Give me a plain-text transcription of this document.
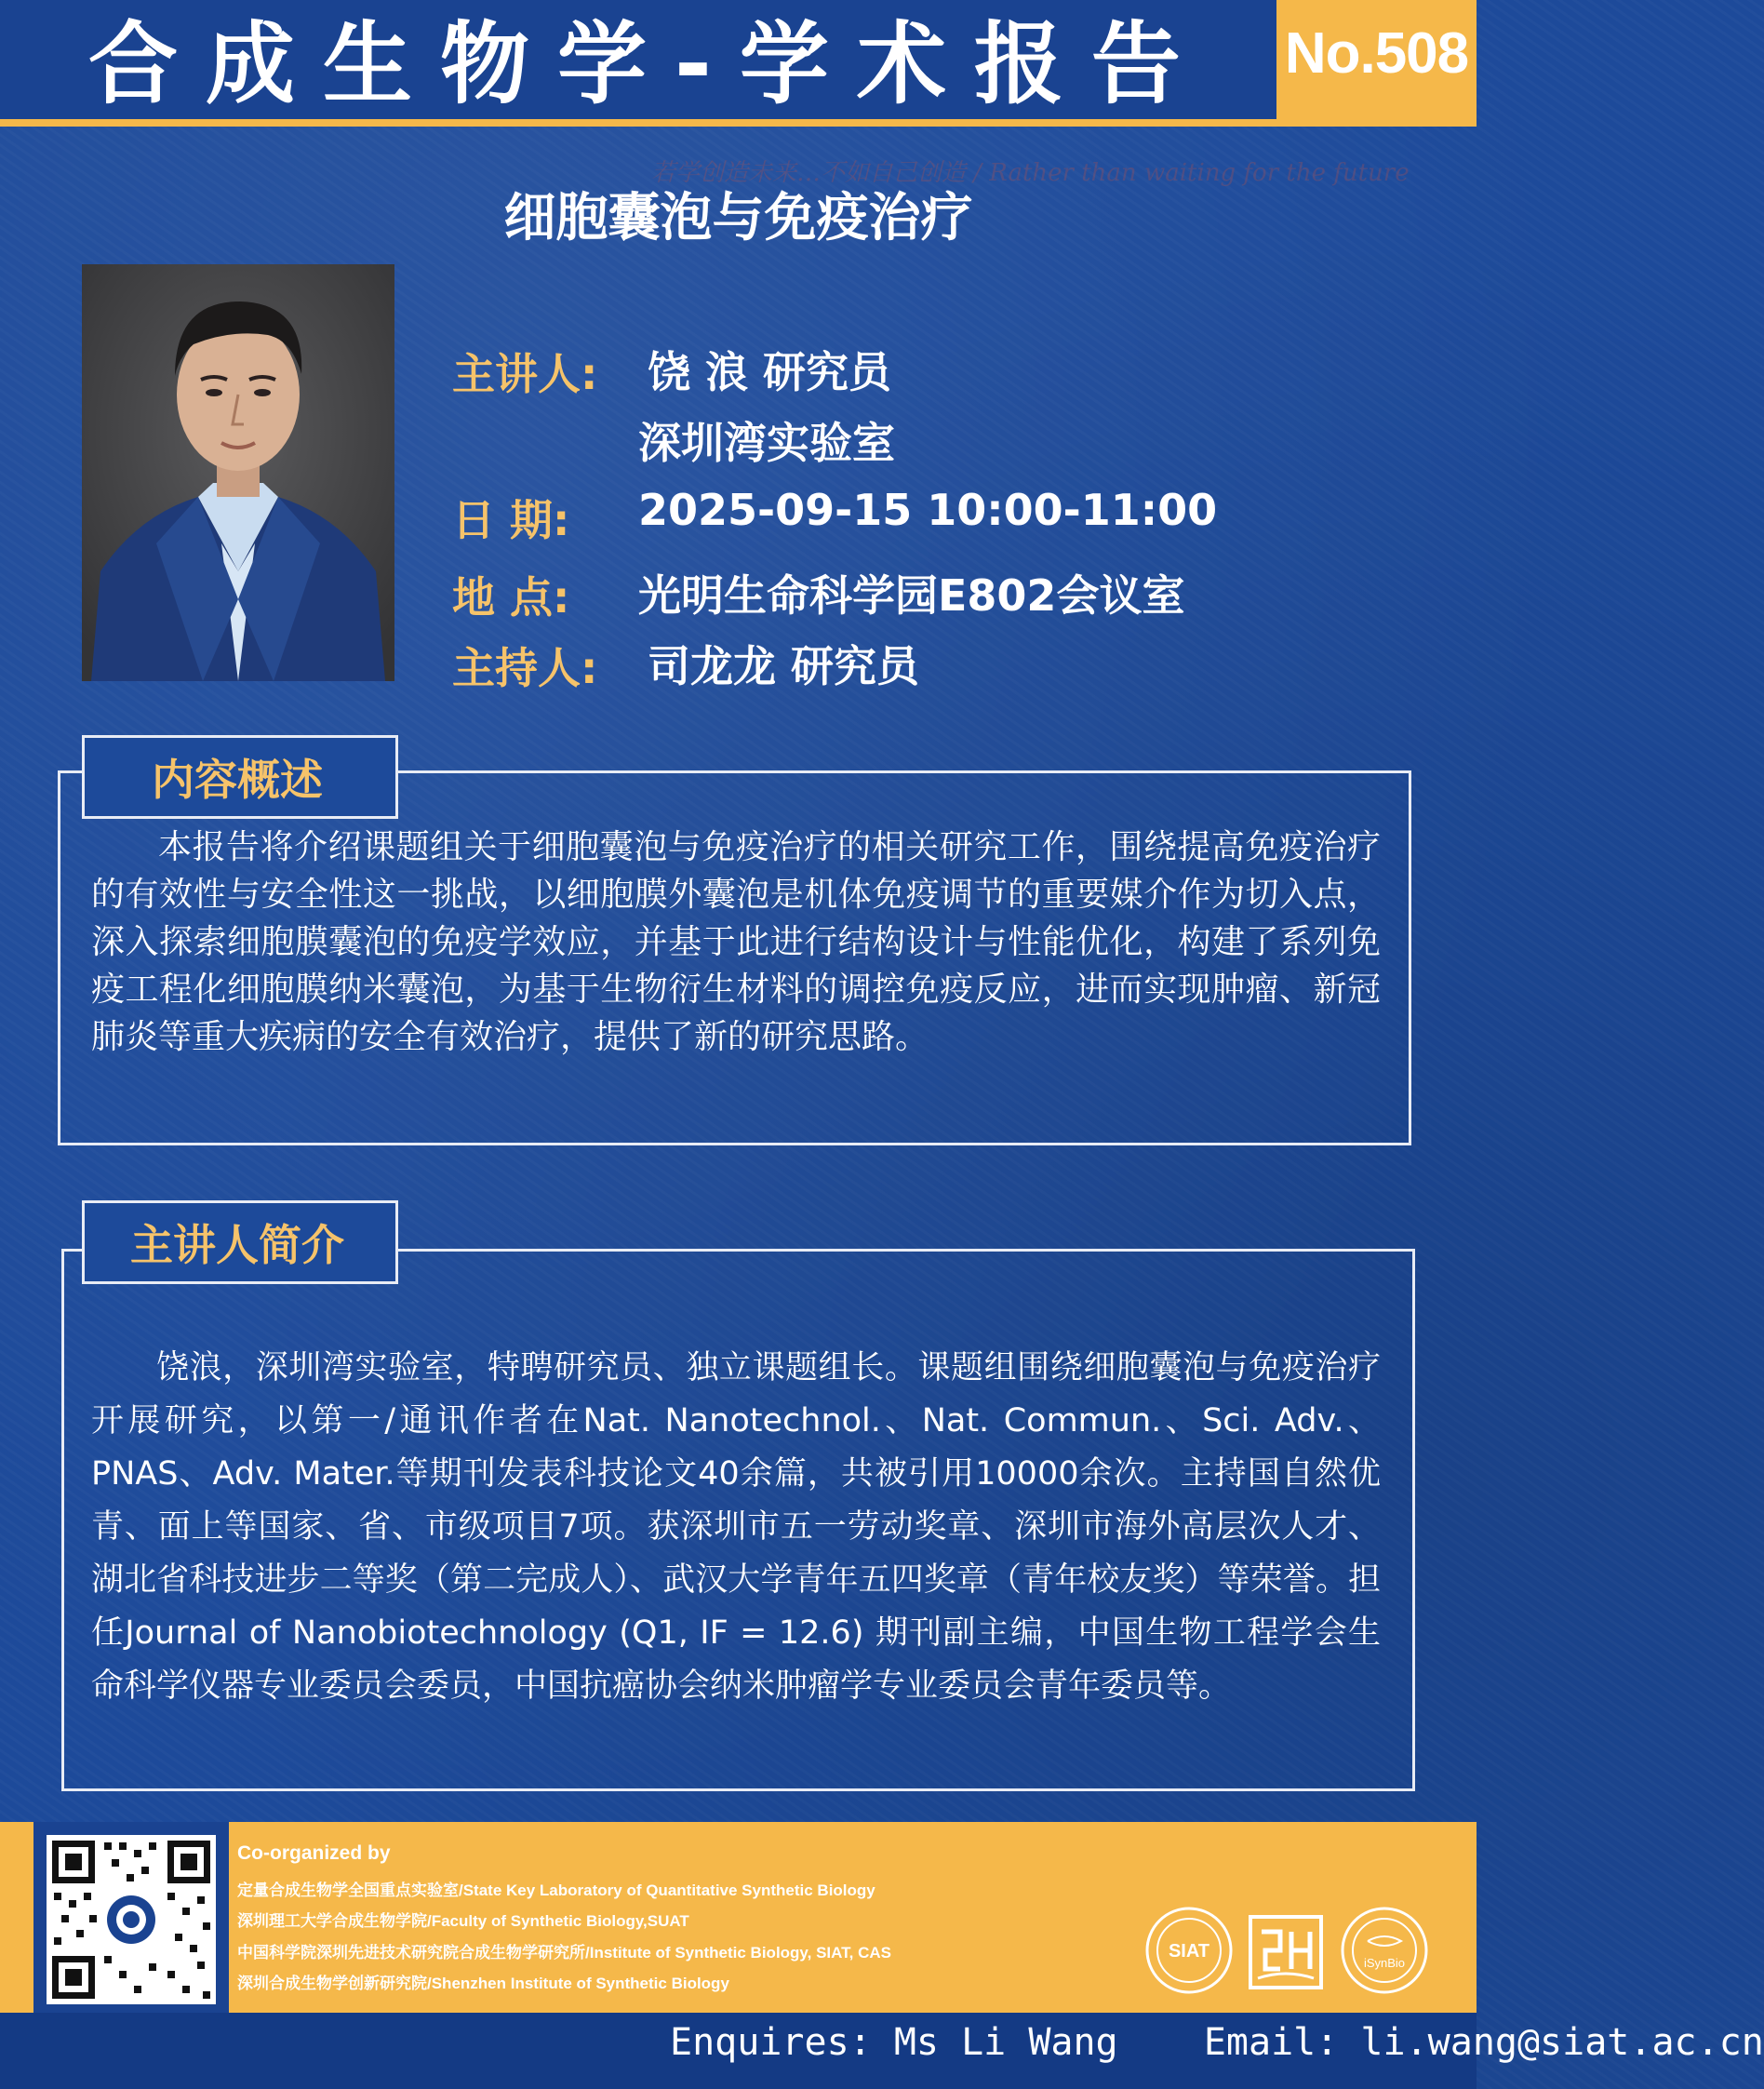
合成生物学-学术报告 No.508
若学创造未来…不如自己创造 / Rather than waiting for the future
细胞囊泡与免疫治疗
主讲人: 饶 浪 研究员
深圳湾实验室
日 期: 2025-09-15 10:00-11:00
地 点: 光明生命科学园E802会议室
主持人: 司龙龙 研究员
内容概述
本报告将介绍课题组关于细胞囊泡与免疫治疗的相关研究工作，围绕提高免疫治疗的有效性与安全性这一挑战，以细胞膜外囊泡是机体免疫调节的重要媒介作为切入点，深入探索细胞膜囊泡的免疫学效应，并基于此进行结构设计与性能优化，构建了系列免疫工程化细胞膜纳米囊泡，为基于生物衍生材料的调控免疫反应，进而实现肿瘤、新冠肺炎等重大疾病的安全有效治疗，提供了新的研究思路。
主讲人简介
饶浪，深圳湾实验室，特聘研究员、独立课题组长。课题组围绕细胞囊泡与免疫治疗开展研究，以第一/通讯作者在Nat. Nanotechnol.、Nat. Commun.、Sci. Adv.、PNAS、Adv. Mater.等期刊发表科技论文40余篇，共被引用10000余次。主持国自然优青、面上等国家、省、市级项目7项。获深圳市五一劳动奖章、深圳市海外高层次人才、湖北省科技进步二等奖（第二完成人）、武汉大学青年五四奖章（青年校友奖）等荣誉。担任Journal of Nanobiotechnology (Q1, IF = 12.6) 期刊副主编，中国生物工程学会生命科学仪器专业委员会委员，中国抗癌协会纳米肿瘤学专业委员会青年委员等。
Co-organized by
定量合成生物学全国重点实验室/State Key Laboratory of Quantitative Synthetic Biology
深圳理工大学合成生物学院/Faculty of Synthetic Biology,SUAT
中国科学院深圳先进技术研究院合成生物学研究所/Institute of Synthetic Biology, SIAT, CAS
深圳合成生物学创新研究院/Shenzhen Institute of Synthetic Biology
SIAT
iSynBio
Enquires: Ms Li Wang Email: li.wang@siat.ac.cn
